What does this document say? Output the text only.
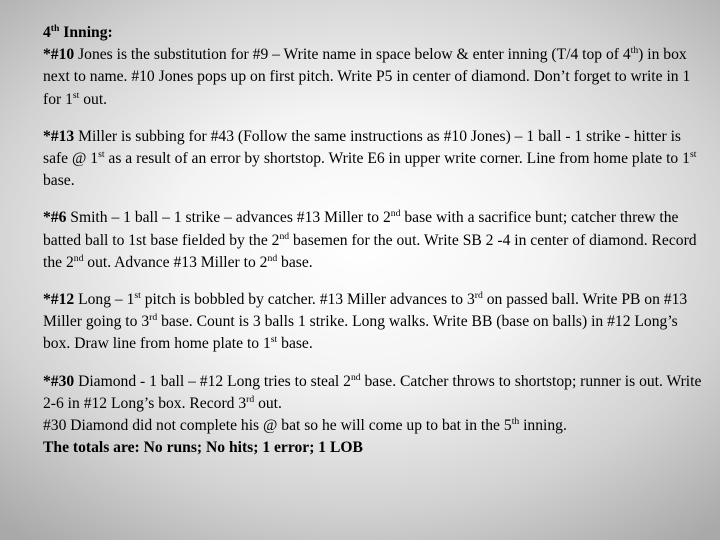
4th Inning:

*#10 Jones is the substitution for #9 – Write name in space below & enter inning (T/4 top of 4th) in box next to name. #10 Jones pops up on first pitch. Write P5 in center of diamond. Don’t forget to write in 1 for 1st out.

*#13 Miller is subbing for #43 (Follow the same instructions as #10 Jones) – 1 ball - 1 strike - hitter is safe @ 1st as a result of an error by shortstop. Write E6 in upper write corner. Line from home plate to 1st base.

*#6 Smith – 1 ball – 1 strike – advances #13 Miller to 2nd base with a sacrifice bunt; catcher threw the batted ball to 1st base fielded by the 2nd basemen for the out. Write SB 2 -4 in center of diamond. Record the 2nd out. Advance #13 Miller to 2nd base.

*#12 Long – 1st pitch is bobbled by catcher. #13 Miller advances to 3rd on passed ball. Write PB on #13 Miller going to 3rd base. Count is 3 balls 1 strike. Long walks. Write BB (base on balls) in #12 Long’s box. Draw line from home plate to 1st base.

*#30 Diamond - 1 ball – #12 Long tries to steal 2nd base. Catcher throws to shortstop; runner is out. Write 2-6 in #12 Long’s box. Record 3rd out.
#30 Diamond did not complete his @ bat so he will come up to bat in the 5th inning.
The totals are: No runs; No hits; 1 error; 1 LOB
